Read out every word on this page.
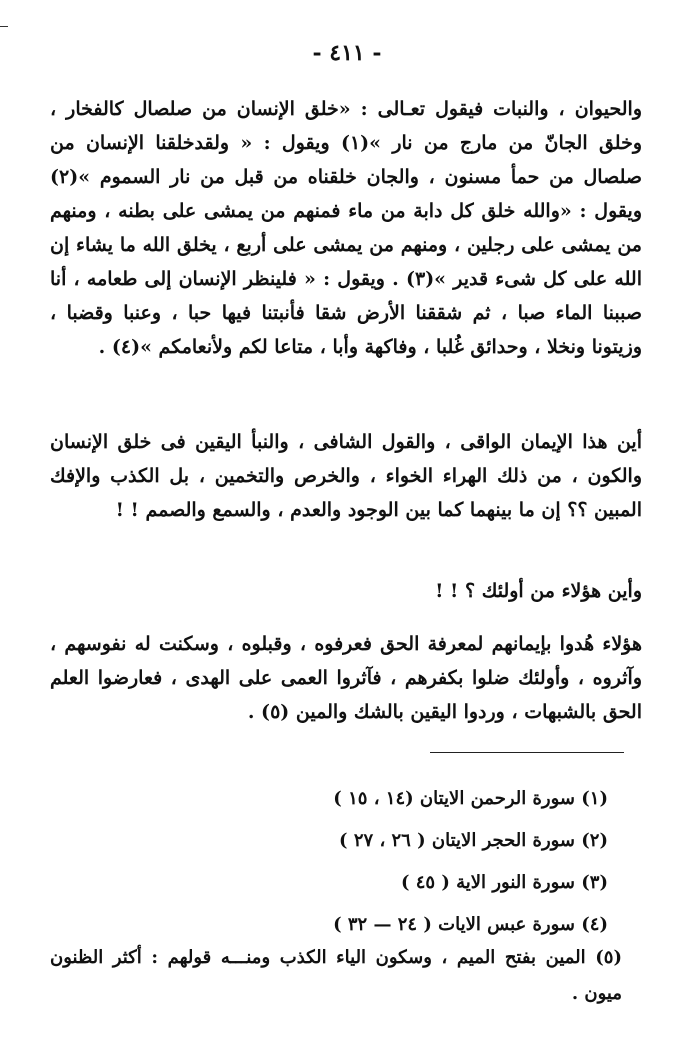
- ٤١١ -

والحيوان ، والنبات فيقول تعـالى : «خلق الإنسان من صلصال كالفخار ، وخلق الجانّ من مارج من نار »(١) ويقول : « ولقدخلقنا الإنسان من صلصال من حمأ مسنون ، والجان خلقناه من قبل من نار السموم »(٢) ويقول : «والله خلق كل دابة من ماء فمنهم من يمشى على بطنه ، ومنهم من يمشى على رجلين ، ومنهم من يمشى على أربع ، يخلق الله ما يشاء إن الله على كل شىء قدير »(٣) . ويقول : « فلينظر الإنسان إلى طعامه ، أنا صببنا الماء صبا ، ثم شققنا الأرض شقا فأنبتنا فيها حبا ، وعنبا وقضبا ، وزيتونا ونخلا ، وحدائق غُلبا ، وفاكهة وأبا ، متاعا لكم ولأنعامكم »(٤) .

أين هذا الإيمان الواقى ، والقول الشافى ، والنبأ اليقين فى خلق الإنسان والكون ، من ذلك الهراء الخواء ، والخرص والتخمين ، بل الكذب والإفك المبين ؟؟ إن ما بينهما كما بين الوجود والعدم ، والسمع والصمم ! !

وأين هؤلاء من أولئك ؟ ! !

هؤلاء هُدوا بإيمانهم لمعرفة الحق فعرفوه ، وقبلوه ، وسكنت له نفوسهم ، وآثروه ، وأولئك ضلوا بكفرهم ، فآثروا العمى على الهدى ، فعارضوا العلم الحق بالشبهات ، وردوا اليقين بالشك والمين (٥) .

(١) سورة الرحمن الايتان (١٤ ، ١٥ )
(٢) سورة الحجر الايتان ( ٢٦ ، ٢٧ )
(٣) سورة النور الاية ( ٤٥ )
(٤) سورة عبس الايات ( ٢٤ — ٣٢ )
(٥) المين بفتح الميم ، وسكون الياء الكذب ومنـــه قولهم : أكثر الظنون ميون .
